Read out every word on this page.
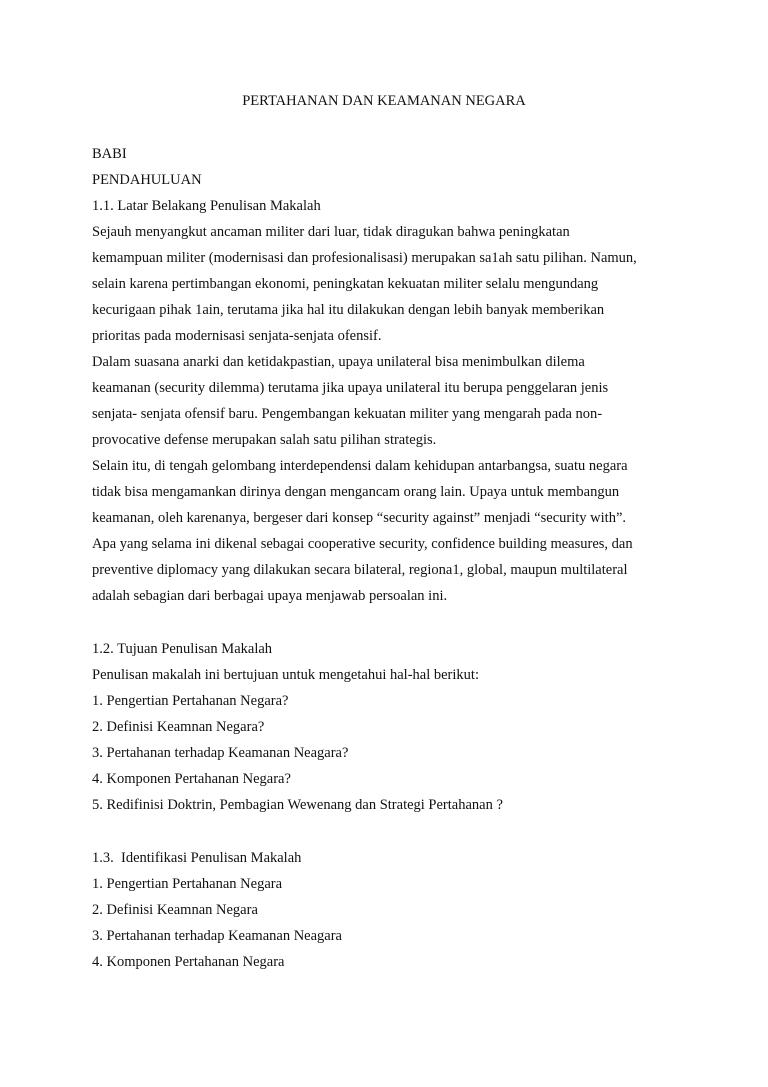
PERTAHANAN DAN KEAMANAN NEGARA
BABI
PENDAHULUAN
1.1. Latar Belakang Penulisan Makalah
Sejauh menyangkut ancaman militer dari luar, tidak diragukan bahwa peningkatan
kemampuan militer (modernisasi dan profesionalisasi) merupakan sa1ah satu pilihan. Namun,
selain karena pertimbangan ekonomi, peningkatan kekuatan militer selalu mengundang
kecurigaan pihak 1ain, terutama jika hal itu dilakukan dengan lebih banyak memberikan
prioritas pada modernisasi senjata-senjata ofensif.
Dalam suasana anarki dan ketidakpastian, upaya unilateral bisa menimbulkan dilema
keamanan (security dilemma) terutama jika upaya unilateral itu berupa penggelaran jenis
senjata- senjata ofensif baru. Pengembangan kekuatan militer yang mengarah pada non-
provocative defense merupakan salah satu pilihan strategis.
Selain itu, di tengah gelombang interdependensi dalam kehidupan antarbangsa, suatu negara
tidak bisa mengamankan dirinya dengan mengancam orang lain. Upaya untuk membangun
keamanan, oleh karenanya, bergeser dari konsep “security against” menjadi “security with”.
Apa yang selama ini dikenal sebagai cooperative security, confidence building measures, dan
preventive diplomacy yang dilakukan secara bilateral, regiona1, global, maupun multilateral
adalah sebagian dari berbagai upaya menjawab persoalan ini.
1.2. Tujuan Penulisan Makalah
Penulisan makalah ini bertujuan untuk mengetahui hal-hal berikut:
1. Pengertian Pertahanan Negara?
2. Definisi Keamnan Negara?
3. Pertahanan terhadap Keamanan Neagara?
4. Komponen Pertahanan Negara?
5. Redifinisi Doktrin, Pembagian Wewenang dan Strategi Pertahanan ?
1.3.  Identifikasi Penulisan Makalah
1. Pengertian Pertahanan Negara
2. Definisi Keamnan Negara
3. Pertahanan terhadap Keamanan Neagara
4. Komponen Pertahanan Negara
